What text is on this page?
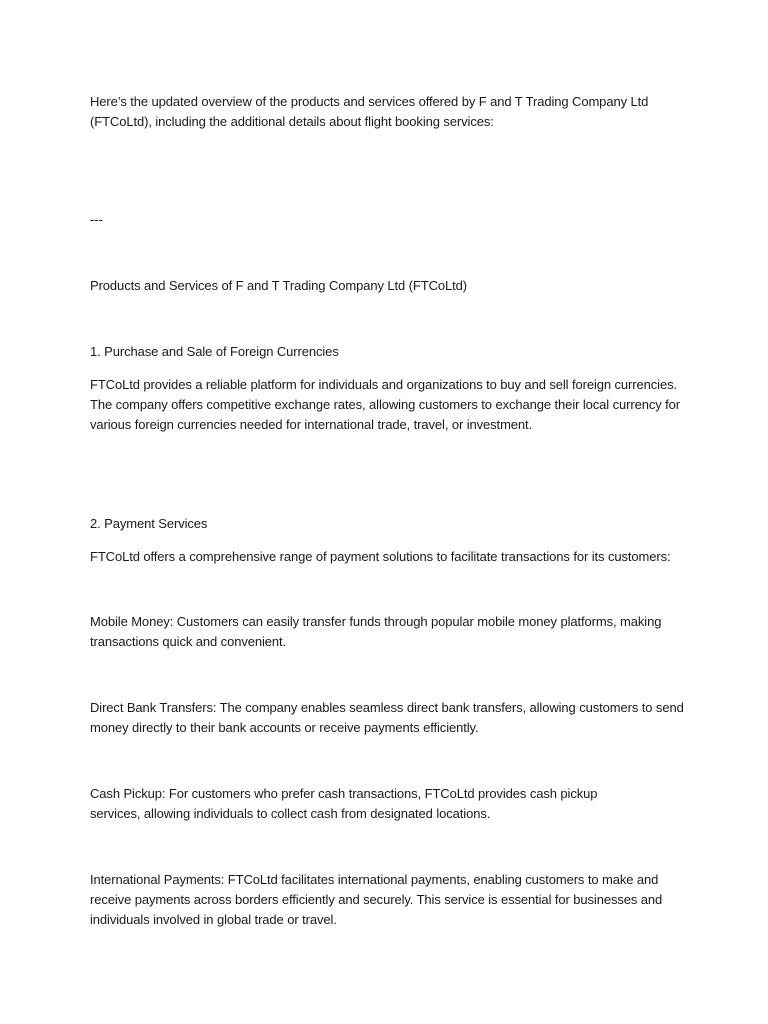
Here’s the updated overview of the products and services offered by F and T Trading Company Ltd (FTCoLtd), including the additional details about flight booking services:

---

Products and Services of F and T Trading Company Ltd (FTCoLtd)

1. Purchase and Sale of Foreign Currencies

FTCoLtd provides a reliable platform for individuals and organizations to buy and sell foreign currencies. The company offers competitive exchange rates, allowing customers to exchange their local currency for various foreign currencies needed for international trade, travel, or investment.

2. Payment Services

FTCoLtd offers a comprehensive range of payment solutions to facilitate transactions for its customers:

Mobile Money: Customers can easily transfer funds through popular mobile money platforms, making transactions quick and convenient.

Direct Bank Transfers: The company enables seamless direct bank transfers, allowing customers to send money directly to their bank accounts or receive payments efficiently.

Cash Pickup: For customers who prefer cash transactions, FTCoLtd provides cash pickup services, allowing individuals to collect cash from designated locations.

International Payments: FTCoLtd facilitates international payments, enabling customers to make and receive payments across borders efficiently and securely. This service is essential for businesses and individuals involved in global trade or travel.
